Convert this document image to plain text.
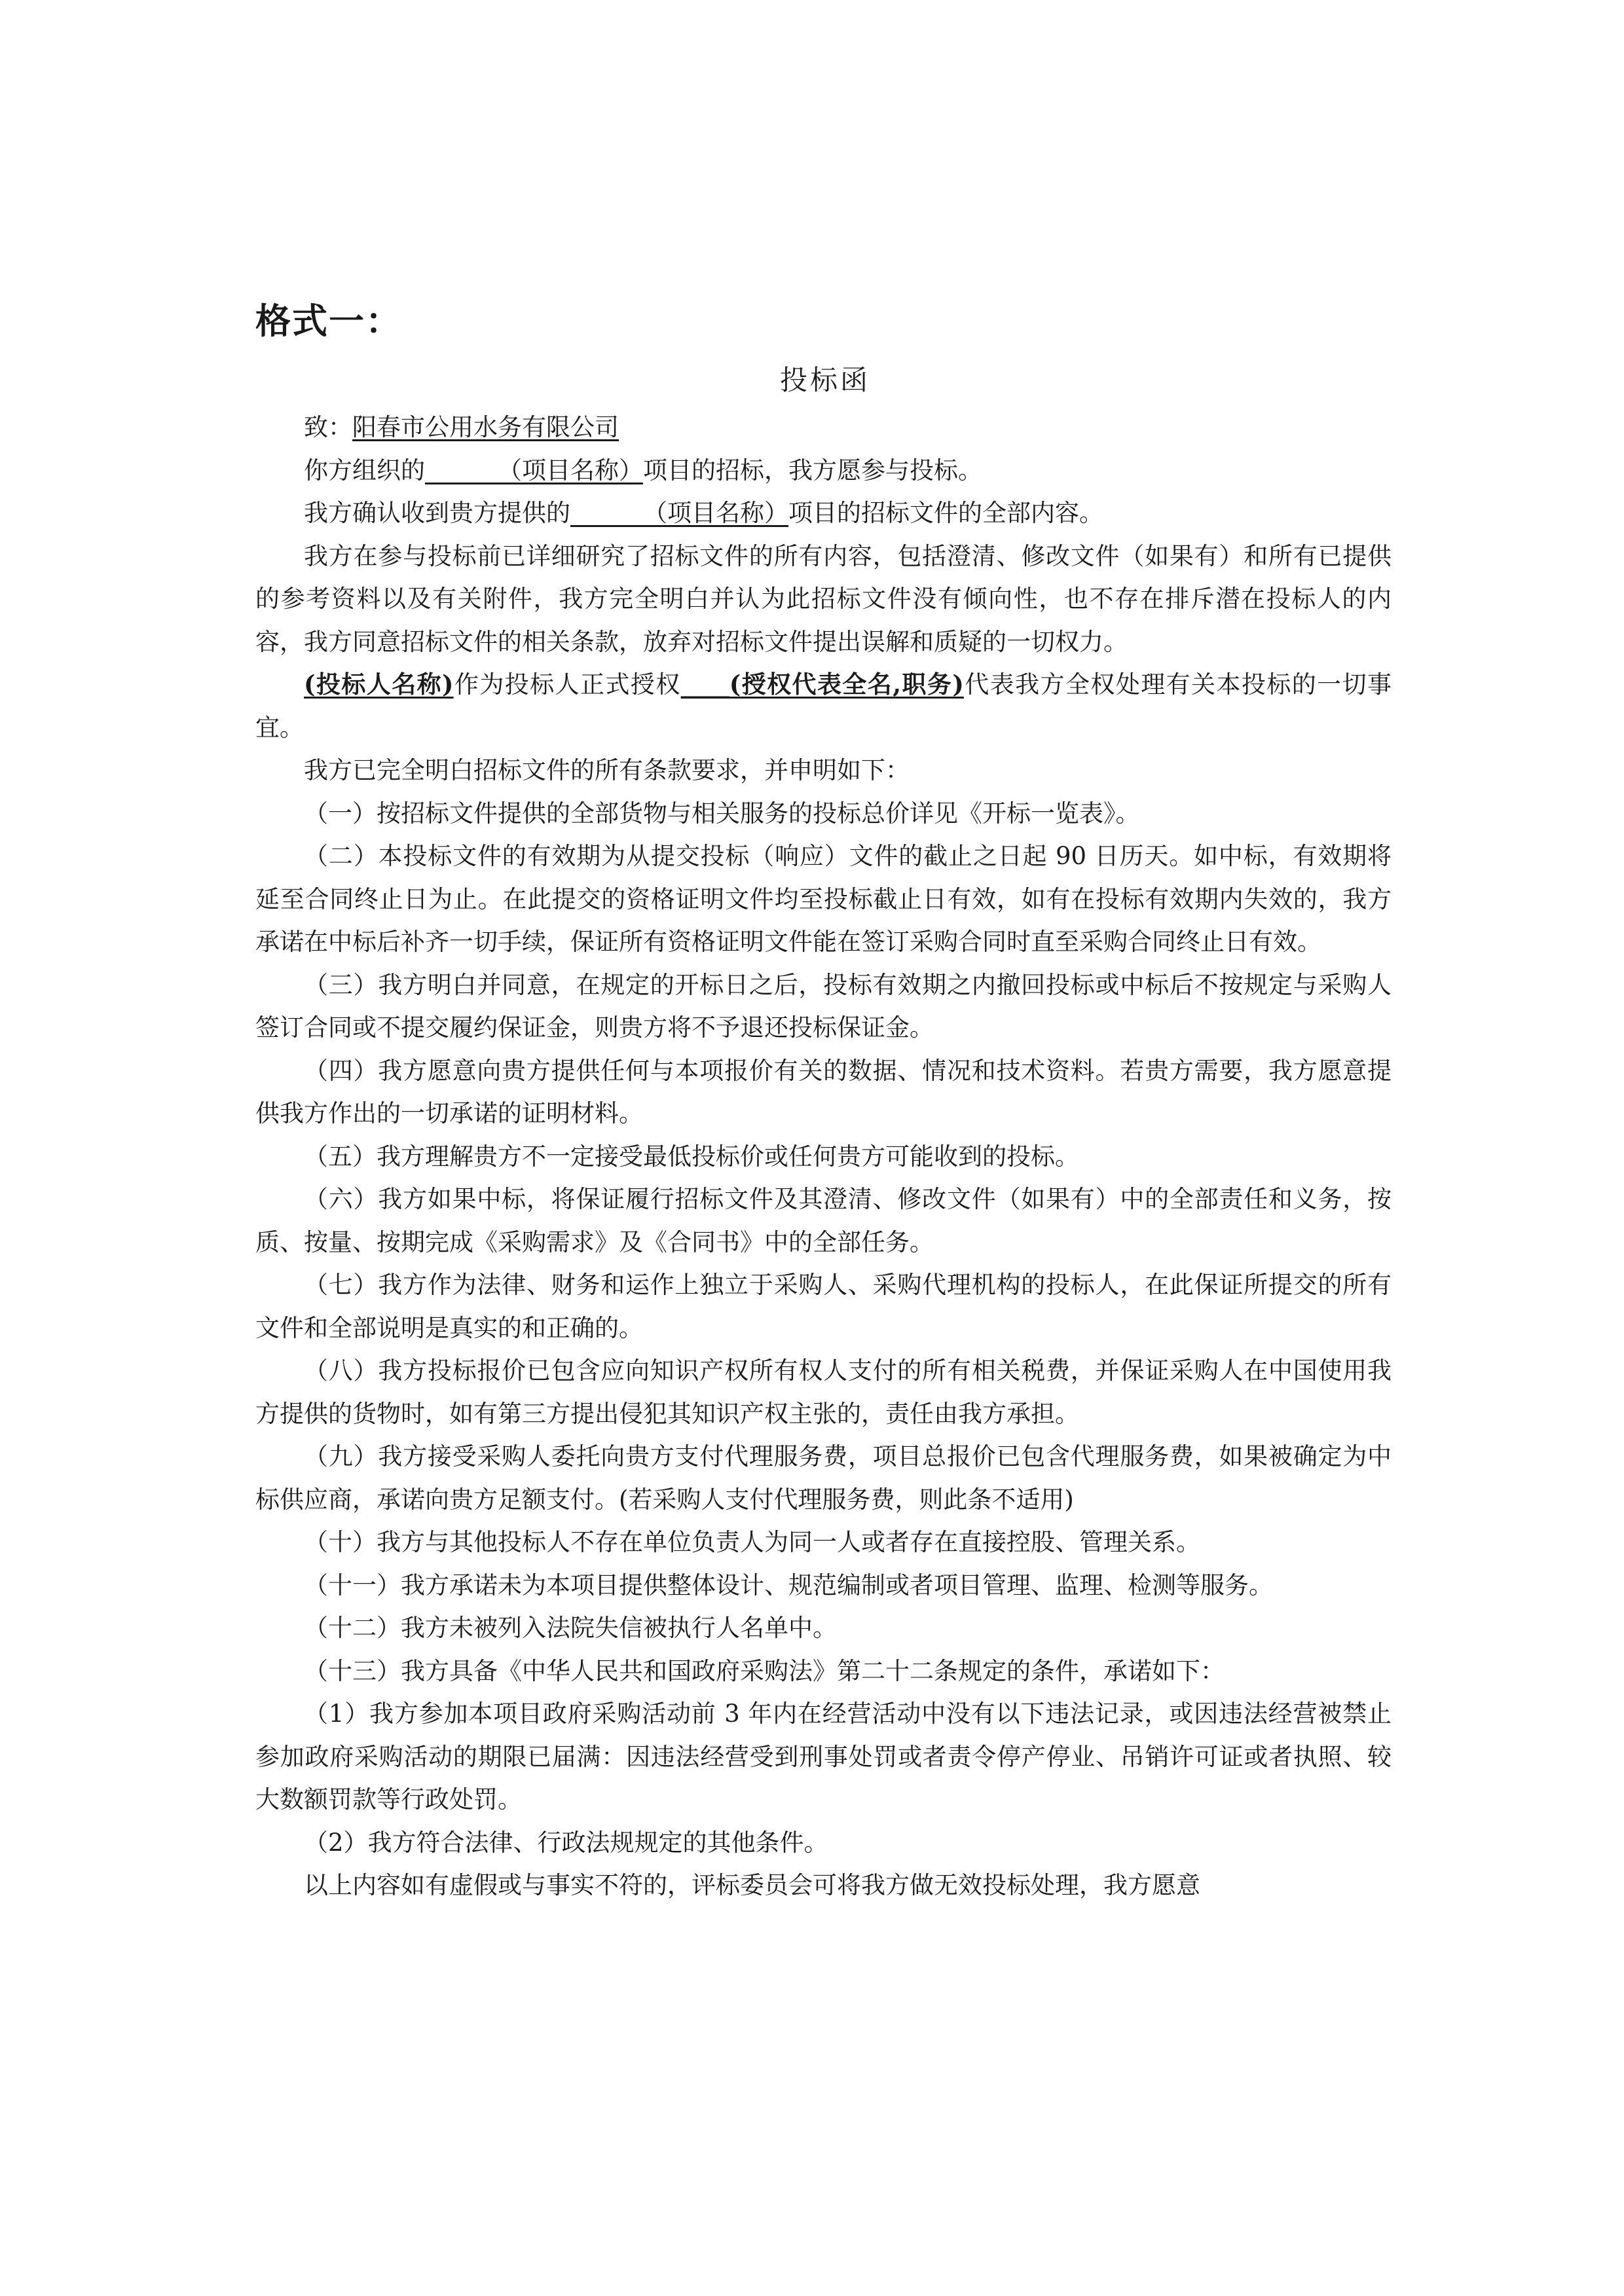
格式一：
投标函

致：阳春市公用水务有限公司

你方组织的______（项目名称）项目的招标，我方愿参与投标。

我方确认收到贵方提供的______（项目名称）项目的招标文件的全部内容。

我方在参与投标前已详细研究了招标文件的所有内容，包括澄清、修改文件（如果有）和所有已提供的参考资料以及有关附件，我方完全明白并认为此招标文件没有倾向性，也不存在排斥潜在投标人的内容，我方同意招标文件的相关条款，放弃对招标文件提出误解和质疑的一切权力。

(投标人名称)作为投标人正式授权____(授权代表全名,职务)代表我方全权处理有关本投标的一切事宜。

我方已完全明白招标文件的所有条款要求，并申明如下：

（一）按招标文件提供的全部货物与相关服务的投标总价详见《开标一览表》。

（二）本投标文件的有效期为从提交投标（响应）文件的截止之日起 90 日历天。如中标，有效期将延至合同终止日为止。在此提交的资格证明文件均至投标截止日有效，如有在投标有效期内失效的，我方承诺在中标后补齐一切手续，保证所有资格证明文件能在签订采购合同时直至采购合同终止日有效。

（三）我方明白并同意，在规定的开标日之后，投标有效期之内撤回投标或中标后不按规定与采购人签订合同或不提交履约保证金，则贵方将不予退还投标保证金。

（四）我方愿意向贵方提供任何与本项报价有关的数据、情况和技术资料。若贵方需要，我方愿意提供我方作出的一切承诺的证明材料。

（五）我方理解贵方不一定接受最低投标价或任何贵方可能收到的投标。

（六）我方如果中标，将保证履行招标文件及其澄清、修改文件（如果有）中的全部责任和义务，按质、按量、按期完成《采购需求》及《合同书》中的全部任务。

（七）我方作为法律、财务和运作上独立于采购人、采购代理机构的投标人，在此保证所提交的所有文件和全部说明是真实的和正确的。

（八）我方投标报价已包含应向知识产权所有权人支付的所有相关税费，并保证采购人在中国使用我方提供的货物时，如有第三方提出侵犯其知识产权主张的，责任由我方承担。

（九）我方接受采购人委托向贵方支付代理服务费，项目总报价已包含代理服务费，如果被确定为中标供应商，承诺向贵方足额支付。(若采购人支付代理服务费，则此条不适用)

（十）我方与其他投标人不存在单位负责人为同一人或者存在直接控股、管理关系。

（十一）我方承诺未为本项目提供整体设计、规范编制或者项目管理、监理、检测等服务。

（十二）我方未被列入法院失信被执行人名单中。

（十三）我方具备《中华人民共和国政府采购法》第二十二条规定的条件，承诺如下：

（1）我方参加本项目政府采购活动前 3 年内在经营活动中没有以下违法记录，或因违法经营被禁止参加政府采购活动的期限已届满：因违法经营受到刑事处罚或者责令停产停业、吊销许可证或者执照、较大数额罚款等行政处罚。

（2）我方符合法律、行政法规规定的其他条件。

以上内容如有虚假或与事实不符的，评标委员会可将我方做无效投标处理，我方愿意
